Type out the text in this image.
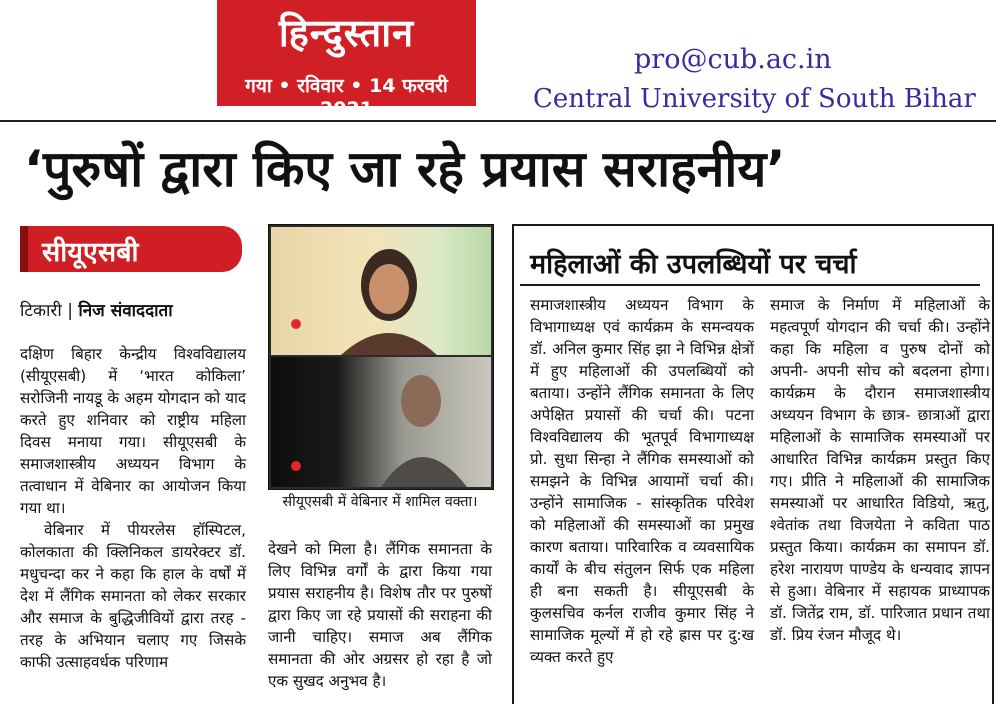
हिन्दुस्तान
गया • रविवार • 14 फरवरी 2021
pro@cub.ac.in
Central University of South Bihar
‘पुरुषों द्वारा किए जा रहे प्रयास सराहनीय’
सीयूएसबी
टिकारी | निज संवाददाता

दक्षिण बिहार केन्द्रीय विश्वविद्यालय (सीयूएसबी) में ‘भारत कोकिला’ सरोजिनी नायडू के अहम योगदान को याद करते हुए शनिवार को राष्ट्रीय महिला दिवस मनाया गया। सीयूएसबी के समाजशास्त्रीय अध्ययन विभाग के तत्वाधान में वेबिनार का आयोजन किया गया था।

वेबिनार में पीयरलेस हॉस्पिटल, कोलकाता की क्लिनिकल डायरेक्टर डॉ. मधुचन्दा कर ने कहा कि हाल के वर्षों में देश में लैंगिक समानता को लेकर सरकार और समाज के बुद्धिजीवियों द्वारा तरह - तरह के अभियान चलाए गए जिसके काफी उत्साहवर्धक परिणाम

सीयूएसबी में वेबिनार में शामिल वक्ता।

देखने को मिला है। लैंगिक समानता के लिए विभिन्न वर्गों के द्वारा किया गया प्रयास सराहनीय है। विशेष तौर पर पुरुषों द्वारा किए जा रहे प्रयासों की सराहना की जानी चाहिए। समाज अब लैंगिक समानता की ओर अग्रसर हो रहा है जो एक सुखद अनुभव है।

महिलाओं की उपलब्धियों पर चर्चा

समाजशास्त्रीय अध्ययन विभाग के विभागाध्यक्ष एवं कार्यक्रम के समन्वयक डॉ. अनिल कुमार सिंह झा ने विभिन्न क्षेत्रों में हुए महिलाओं की उपलब्धियों को बताया। उन्होंने लैंगिक समानता के लिए अपेक्षित प्रयासों की चर्चा की। पटना विश्वविद्यालय की भूतपूर्व विभागाध्यक्ष प्रो. सुधा सिन्हा ने लैंगिक समस्याओं को समझने के विभिन्न आयामों चर्चा की। उन्होंने सामाजिक - सांस्कृतिक परिवेश को महिलाओं की समस्याओं का प्रमुख कारण बताया। पारिवारिक व व्यवसायिक कार्यों के बीच संतुलन सिर्फ एक महिला ही बना सकती है। सीयूएसबी के कुलसचिव कर्नल राजीव कुमार सिंह ने सामाजिक मूल्यों में हो रहे ह्रास पर दु:ख व्यक्त करते हुए

समाज के निर्माण में महिलाओं के महत्वपूर्ण योगदान की चर्चा की। उन्होंने कहा कि महिला व पुरुष दोनों को अपनी- अपनी सोच को बदलना होगा। कार्यक्रम के दौरान समाजशास्त्रीय अध्ययन विभाग के छात्र- छात्राओं द्वारा महिलाओं के सामाजिक समस्याओं पर आधारित विभिन्न कार्यक्रम प्रस्तुत किए गए। प्रीति ने महिलाओं की सामाजिक समस्याओं पर आधारित विडियो, ऋतु, श्वेतांक तथा विजयेता ने कविता पाठ प्रस्तुत किया। कार्यक्रम का समापन डॉ. हरेश नारायण पाण्डेय के धन्यवाद ज्ञापन से हुआ। वेबिनार में सहायक प्राध्यापक डॉ. जितेंद्र राम, डॉ. पारिजात प्रधान तथा डॉ. प्रिय रंजन मौजूद थे।
